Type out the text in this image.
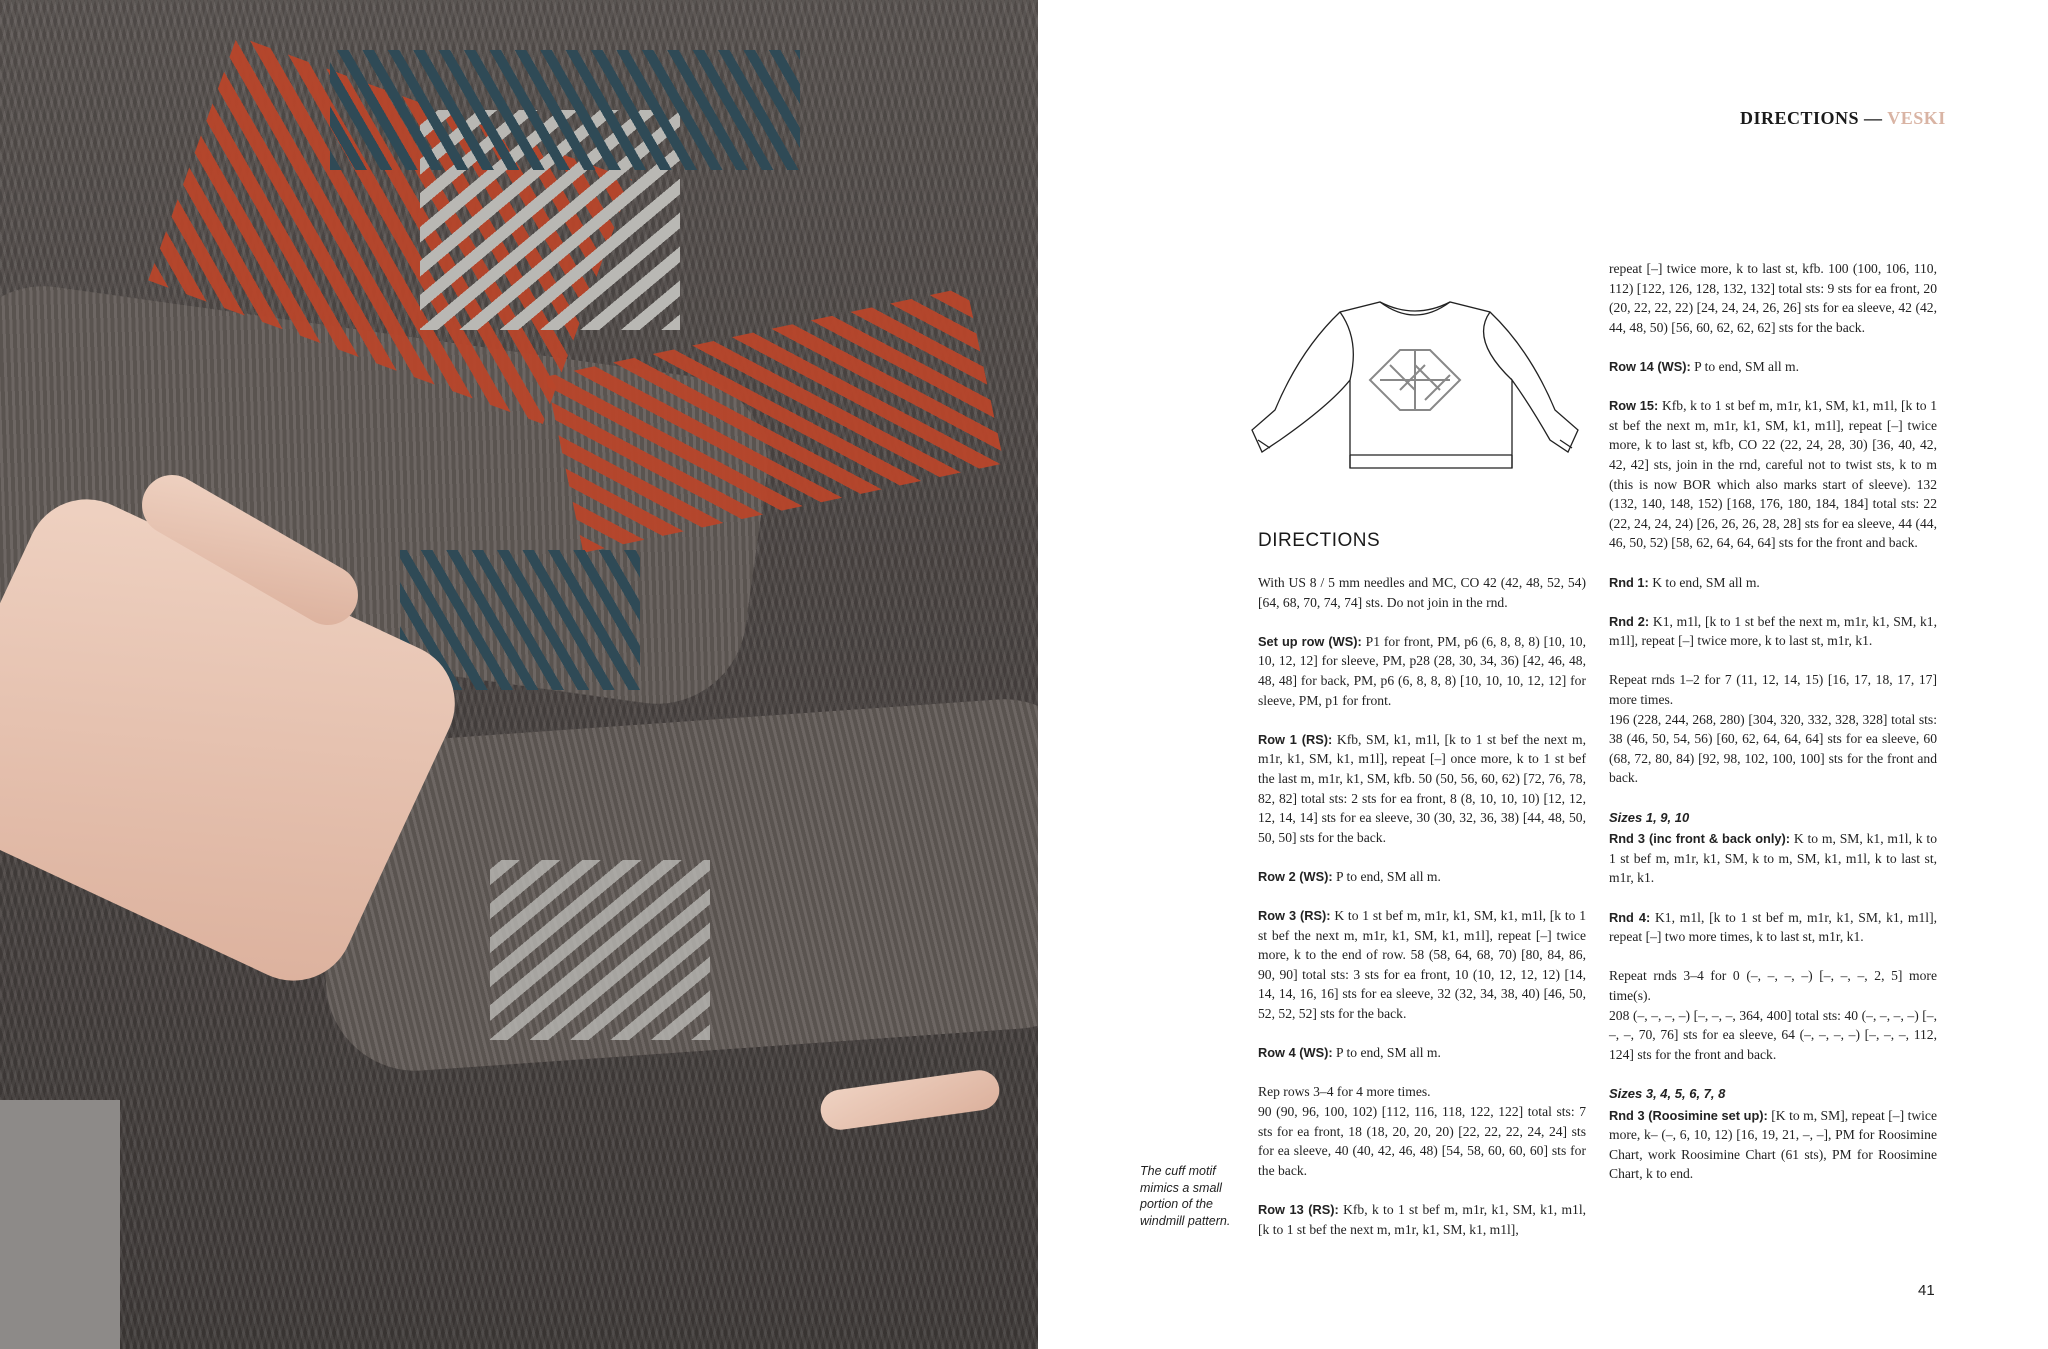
DIRECTIONS — VESKI
DIRECTIONS

With US 8 / 5 mm needles and MC, CO 42 (42, 48, 52, 54) [64, 68, 70, 74, 74] sts. Do not join in the rnd.

Set up row (WS): P1 for front, PM, p6 (6, 8, 8, 8) [10, 10, 10, 12, 12] for sleeve, PM, p28 (28, 30, 34, 36) [42, 46, 48, 48, 48] for back, PM, p6 (6, 8, 8, 8) [10, 10, 10, 12, 12] for sleeve, PM, p1 for front.

Row 1 (RS): Kfb, SM, k1, m1l, [k to 1 st bef the next m, m1r, k1, SM, k1, m1l], repeat [–] once more, k to 1 st bef the last m, m1r, k1, SM, kfb. 50 (50, 56, 60, 62) [72, 76, 78, 82, 82] total sts: 2 sts for ea front, 8 (8, 10, 10, 10) [12, 12, 12, 14, 14] sts for ea sleeve, 30 (30, 32, 36, 38) [44, 48, 50, 50, 50] sts for the back.

Row 2 (WS): P to end, SM all m.

Row 3 (RS): K to 1 st bef m, m1r, k1, SM, k1, m1l, [k to 1 st bef the next m, m1r, k1, SM, k1, m1l], repeat [–] twice more, k to the end of row. 58 (58, 64, 68, 70) [80, 84, 86, 90, 90] total sts: 3 sts for ea front, 10 (10, 12, 12, 12) [14, 14, 14, 16, 16] sts for ea sleeve, 32 (32, 34, 38, 40) [46, 50, 52, 52, 52] sts for the back.

Row 4 (WS): P to end, SM all m.

Rep rows 3–4 for 4 more times.

90 (90, 96, 100, 102) [112, 116, 118, 122, 122] total sts: 7 sts for ea front, 18 (18, 20, 20, 20) [22, 22, 22, 24, 24] sts for ea sleeve, 40 (40, 42, 46, 48) [54, 58, 60, 60, 60] sts for the back.

Row 13 (RS): Kfb, k to 1 st bef m, m1r, k1, SM, k1, m1l, [k to 1 st bef the next m, m1r, k1, SM, k1, m1l],

repeat [–] twice more, k to last st, kfb. 100 (100, 106, 110, 112) [122, 126, 128, 132, 132] total sts: 9 sts for ea front, 20 (20, 22, 22, 22) [24, 24, 24, 26, 26] sts for ea sleeve, 42 (42, 44, 48, 50) [56, 60, 62, 62, 62] sts for the back.

Row 14 (WS): P to end, SM all m.

Row 15: Kfb, k to 1 st bef m, m1r, k1, SM, k1, m1l, [k to 1 st bef the next m, m1r, k1, SM, k1, m1l], repeat [–] twice more, k to last st, kfb, CO 22 (22, 24, 28, 30) [36, 40, 42, 42, 42] sts, join in the rnd, careful not to twist sts, k to m (this is now BOR which also marks start of sleeve). 132 (132, 140, 148, 152) [168, 176, 180, 184, 184] total sts: 22 (22, 24, 24, 24) [26, 26, 26, 28, 28] sts for ea sleeve, 44 (44, 46, 50, 52) [58, 62, 64, 64, 64] sts for the front and back.

Rnd 1: K to end, SM all m.

Rnd 2: K1, m1l, [k to 1 st bef the next m, m1r, k1, SM, k1, m1l], repeat [–] twice more, k to last st, m1r, k1.

Repeat rnds 1–2 for 7 (11, 12, 14, 15) [16, 17, 18, 17, 17] more times.

196 (228, 244, 268, 280) [304, 320, 332, 328, 328] total sts: 38 (46, 50, 54, 56) [60, 62, 64, 64, 64] sts for ea sleeve, 60 (68, 72, 80, 84) [92, 98, 102, 100, 100] sts for the front and back.

Sizes 1, 9, 10

Rnd 3 (inc front & back only): K to m, SM, k1, m1l, k to 1 st bef m, m1r, k1, SM, k to m, SM, k1, m1l, k to last st, m1r, k1.

Rnd 4: K1, m1l, [k to 1 st bef m, m1r, k1, SM, k1, m1l], repeat [–] two more times, k to last st, m1r, k1.

Repeat rnds 3–4 for 0 (–, –, –, –) [–, –, –, 2, 5] more time(s).

208 (–, –, –, –) [–, –, –, 364, 400] total sts: 40 (–, –, –, –) [–, –, –, 70, 76] sts for ea sleeve, 64 (–, –, –, –) [–, –, –, 112, 124] sts for the front and back.

Sizes 3, 4, 5, 6, 7, 8

Rnd 3 (Roosimine set up): [K to m, SM], repeat [–] twice more, k– (–, 6, 10, 12) [16, 19, 21, –, –], PM for Roosimine Chart, work Roosimine Chart (61 sts), PM for Roosimine Chart, k to end.

The cuff motif mimics a small portion of the windmill pattern.
41
